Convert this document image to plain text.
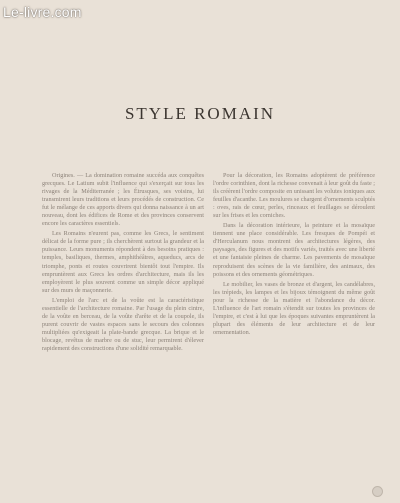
Le-livre.com
STYLE ROMAIN

Origines. — La domination romaine succéda aux conquêtes grecques. Le Latium subit l'influence qui s'exerçait sur tous les rivages de la Méditerranée ; les Étrusques, ses voisins, lui transmirent leurs traditions et leurs procédés de construction. Ce fut le mélange de ces apports divers qui donna naissance à un art nouveau, dont les édifices de Rome et des provinces conservent encore les caractères essentiels.

Les Romains n'eurent pas, comme les Grecs, le sentiment délicat de la forme pure ; ils cherchèrent surtout la grandeur et la puissance. Leurs monuments répondent à des besoins pratiques : temples, basiliques, thermes, amphithéâtres, aqueducs, arcs de triomphe, ponts et routes couvrirent bientôt tout l'empire. Ils empruntèrent aux Grecs les ordres d'architecture, mais ils les employèrent le plus souvent comme un simple décor appliqué sur des murs de maçonnerie.

L'emploi de l'arc et de la voûte est la caractéristique essentielle de l'architecture romaine. Par l'usage du plein cintre, de la voûte en berceau, de la voûte d'arête et de la coupole, ils purent couvrir de vastes espaces sans le secours des colonnes multipliées qu'exigeait la plate-bande grecque. La brique et le blocage, revêtus de marbre ou de stuc, leur permirent d'élever rapidement des constructions d'une solidité remarquable.

Pour la décoration, les Romains adoptèrent de préférence l'ordre corinthien, dont la richesse convenait à leur goût du faste ; ils créèrent l'ordre composite en unissant les volutes ioniques aux feuilles d'acanthe. Les moulures se chargent d'ornements sculptés : oves, rais de cœur, perles, rinceaux et feuillages se déroulent sur les frises et les corniches.

Dans la décoration intérieure, la peinture et la mosaïque tiennent une place considérable. Les fresques de Pompéi et d'Herculanum nous montrent des architectures légères, des paysages, des figures et des motifs variés, traités avec une liberté et une fantaisie pleines de charme. Les pavements de mosaïque reproduisent des scènes de la vie familière, des animaux, des poissons et des ornements géométriques.

Le mobilier, les vases de bronze et d'argent, les candélabres, les trépieds, les lampes et les bijoux témoignent du même goût pour la richesse de la matière et l'abondance du décor. L'influence de l'art romain s'étendit sur toutes les provinces de l'empire, et c'est à lui que les époques suivantes empruntèrent la plupart des éléments de leur architecture et de leur ornementation.
